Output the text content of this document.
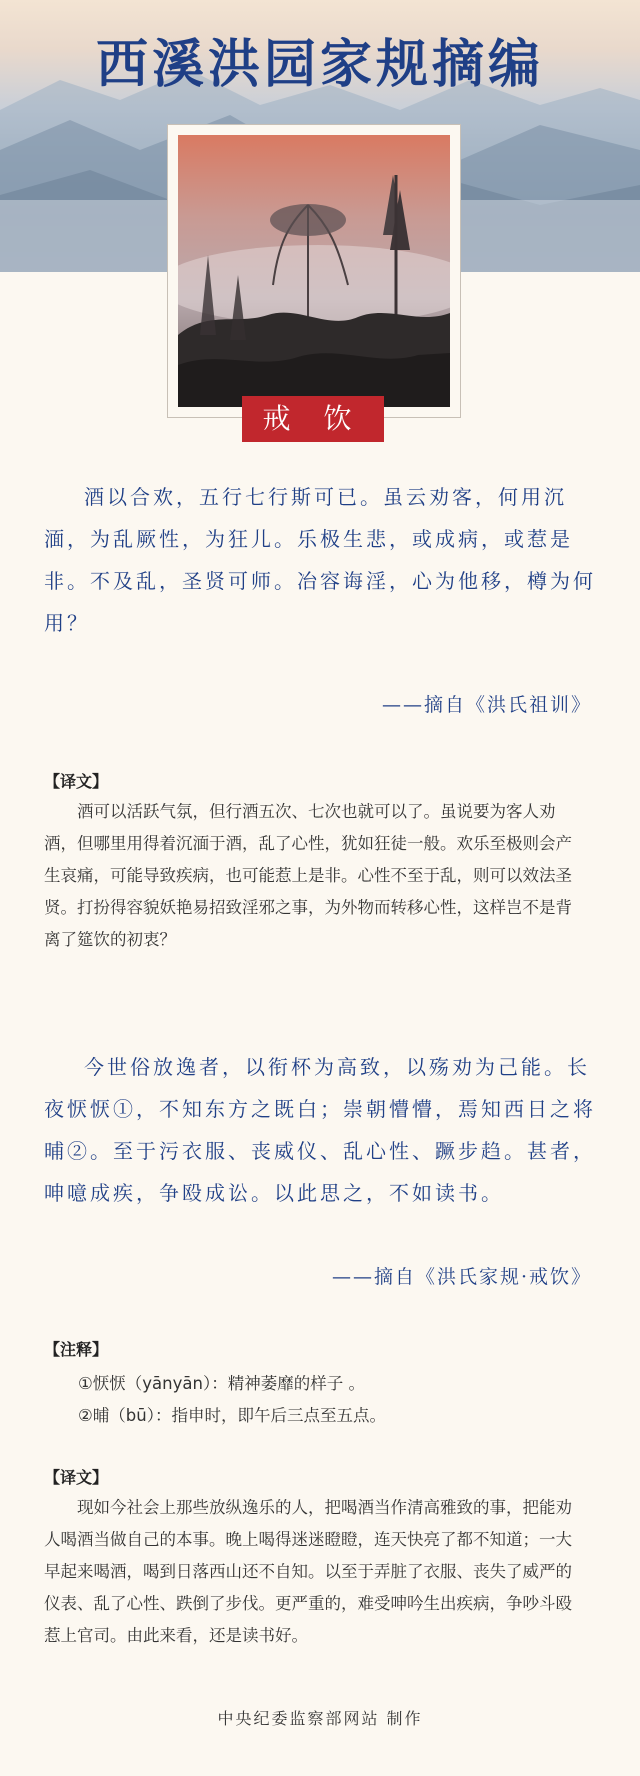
西溪洪园家规摘编
戒 饮

酒以合欢，五行七行斯可已。虽云劝客，何用沉湎，为乱厥性，为狂儿。乐极生悲，或成病，或惹是非。不及乱，圣贤可师。冶容诲淫，心为他移，樽为何用？

——摘自《洪氏祖训》

【译文】

酒可以活跃气氛，但行酒五次、七次也就可以了。虽说要为客人劝酒，但哪里用得着沉湎于酒，乱了心性，犹如狂徒一般。欢乐至极则会产生哀痛，可能导致疾病，也可能惹上是非。心性不至于乱，则可以效法圣贤。打扮得容貌妖艳易招致淫邪之事，为外物而转移心性，这样岂不是背离了筵饮的初衷？

今世俗放逸者，以衔杯为高致，以殇劝为己能。长夜恹恹①，不知东方之既白；崇朝懵懵，焉知西日之将晡②。至于污衣服、丧威仪、乱心性、蹶步趋。甚者，呻噫成疾，争殴成讼。以此思之，不如读书。

——摘自《洪氏家规·戒饮》

【注释】

①恹恹（yānyān）：精神萎靡的样子 。

②晡（bū）：指申时，即午后三点至五点。

【译文】

现如今社会上那些放纵逸乐的人，把喝酒当作清高雅致的事，把能劝人喝酒当做自己的本事。晚上喝得迷迷瞪瞪，连天快亮了都不知道；一大早起来喝酒，喝到日落西山还不自知。以至于弄脏了衣服、丧失了威严的仪表、乱了心性、跌倒了步伐。更严重的，难受呻吟生出疾病，争吵斗殴惹上官司。由此来看，还是读书好。

中央纪委监察部网站 制作
